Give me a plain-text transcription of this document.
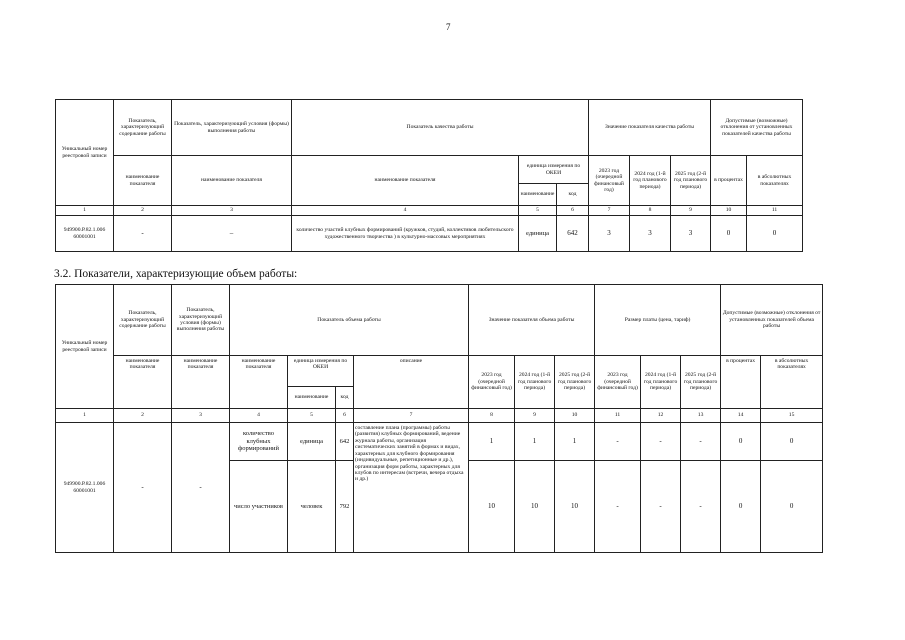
7
Уникальный номер реестровой записи	Показатель, характеризующий содержание работы	Показатель, характеризующий условия (формы) выполнения работы	Показатель качества работы			Значение показателя качества работы			Допустимые (возможные) отклонения от установленных показателей качества работы	
	наименование показателя	наименование показателя	наименование показателя	единица измерения по ОКЕИ		2023 год (очередной финансовый год)	2024 год (1-й год планового периода)	2025 год (2-й год планового периода)	в процентах	в абсолютных показателях
				наименование	код					
1	2	3	4	5	6	7	8	9	10	11
949900.Р.82.1.006 60001001	-	–	количество участий клубных формирований (кружков, студий, коллективов любительского художественного творчества ) в культурно-массовых мероприятиях	единица	642	3	3	3	0	0
3.2. Показатели, характеризующие объем работы:
Уникальный номер реестровой записи	Показатель, характеризующий содержание работы	Показатель, характеризующий условия (формы) выполнения работы	Показатель объема работы				Значение показателя объема работы			Размер платы (цена, тариф)			Допустимые (возможные) отклонения от установленных показателей объема работы	
	наименование показателя	наименование показателя	наименование показателя	единица измерения по ОКЕИ		описание	2023 год (очередной финансовый год)	2024 год (1-й год планового периода)	2025 год (2-й год планового периода)	2023 год (очередной финансовый год)	2024 год (1-й год планового периода)	2025 год (2-й год планового периода)	в процентах	в абсолютных показателях
				наименование	код									
1	2	3	4	5	6	7	8	9	10	11	12	13	14	15
949900.Р.82.1.006 60001001	-	-	количество клубных формирований	единица	642	составление плана (программы) работы (развития) клубных формирований, ведение журнала работы, организация систематических занятий в формах и видах, характерных для клубного формирования (индивидуальные, репетиционные и др.), организация форм работы, характерных для клубов по интересам (встречи, вечера отдыха и др.)	1	1	1	-	-	-	0	0
			число участников	человек	792		10	10	10	-	-	-	0	0
